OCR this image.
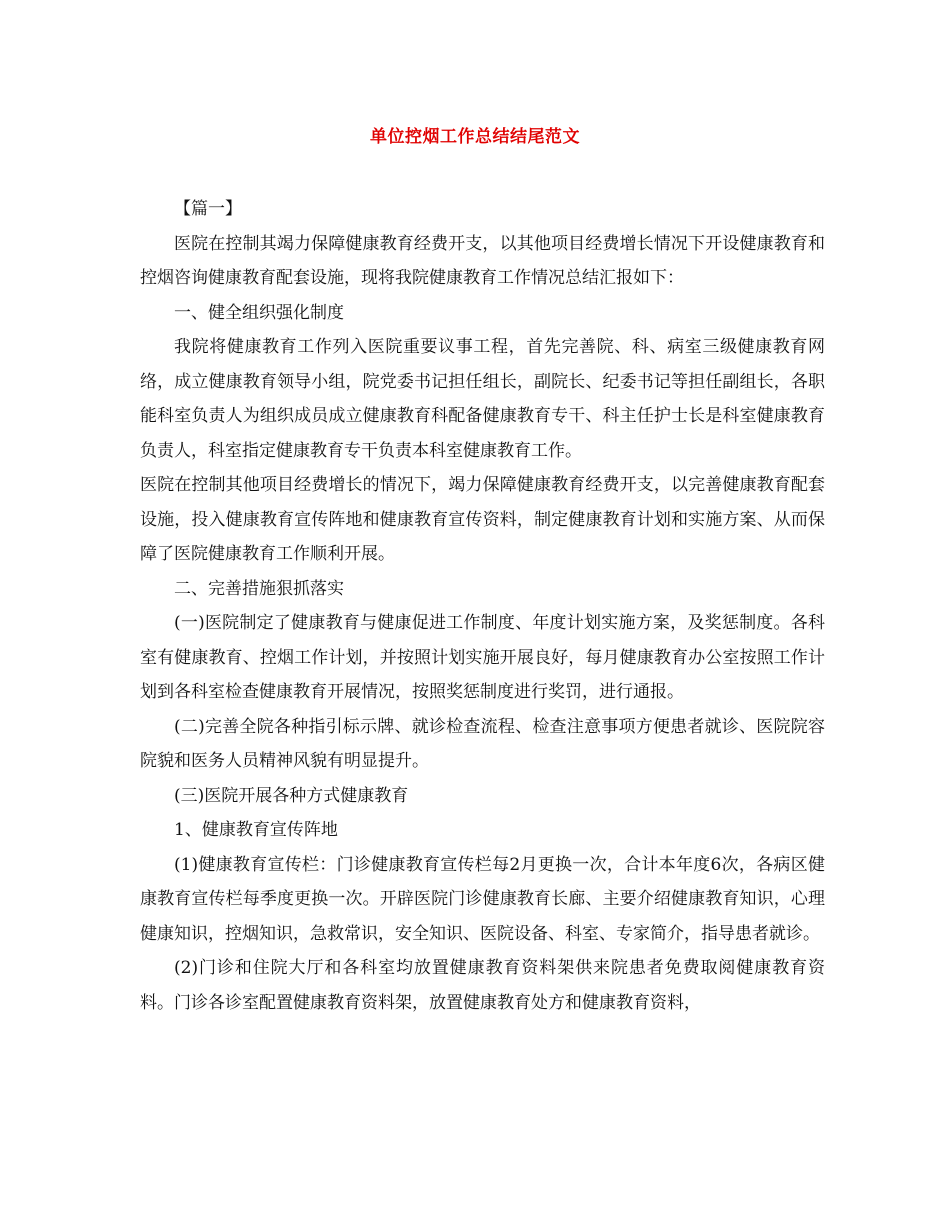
单位控烟工作总结结尾范文

【篇一】

医院在控制其竭力保障健康教育经费开支，以其他项目经费增长情况下开设健康教育和控烟咨询健康教育配套设施，现将我院健康教育工作情况总结汇报如下：

一、健全组织强化制度

我院将健康教育工作列入医院重要议事工程，首先完善院、科、病室三级健康教育网络，成立健康教育领导小组，院党委书记担任组长，副院长、纪委书记等担任副组长，各职能科室负责人为组织成员成立健康教育科配备健康教育专干、科主任护士长是科室健康教育负责人，科室指定健康教育专干负责本科室健康教育工作。

医院在控制其他项目经费增长的情况下，竭力保障健康教育经费开支，以完善健康教育配套设施，投入健康教育宣传阵地和健康教育宣传资料，制定健康教育计划和实施方案、从而保障了医院健康教育工作顺利开展。

二、完善措施狠抓落实

(一)医院制定了健康教育与健康促进工作制度、年度计划实施方案，及奖惩制度。各科室有健康教育、控烟工作计划，并按照计划实施开展良好，每月健康教育办公室按照工作计划到各科室检查健康教育开展情况，按照奖惩制度进行奖罚，进行通报。

(二)完善全院各种指引标示牌、就诊检查流程、检查注意事项方便患者就诊、医院院容院貌和医务人员精神风貌有明显提升。

(三)医院开展各种方式健康教育

1、健康教育宣传阵地

(1)健康教育宣传栏：门诊健康教育宣传栏每2月更换一次，合计本年度6次，各病区健康教育宣传栏每季度更换一次。开辟医院门诊健康教育长廊、主要介绍健康教育知识，心理健康知识，控烟知识，急救常识，安全知识、医院设备、科室、专家简介，指导患者就诊。

(2)门诊和住院大厅和各科室均放置健康教育资料架供来院患者免费取阅健康教育资料。门诊各诊室配置健康教育资料架，放置健康教育处方和健康教育资料，
